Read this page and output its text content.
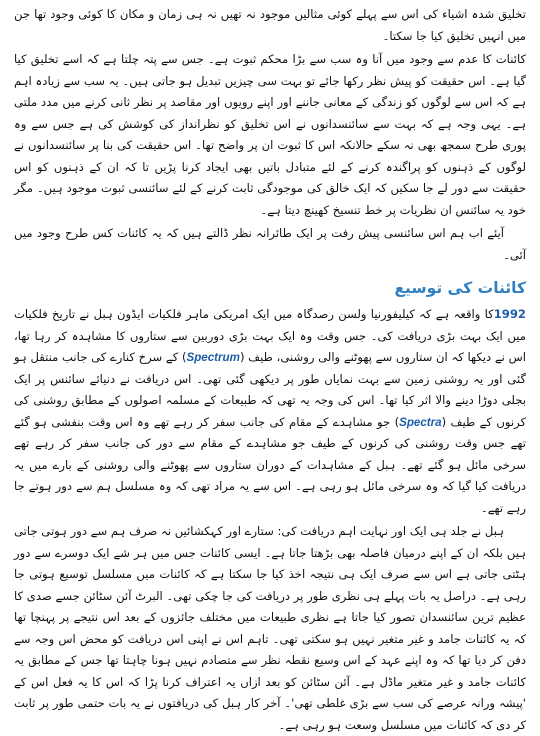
تخلیق شدہ اشیاء کی اس سے پہلے کوئی مثالیں موجود نہ تھیں نہ ہی زمان و مکان کا کوئی وجود تھا جن میں انہیں تخلیق کیا جا سکتا۔

کائنات کا عدم سے وجود میں آنا وہ سب سے بڑا محکم ثبوت ہے۔ جس سے پتہ چلتا ہے کہ اسے تخلیق کیا گیا ہے۔ اس حقیقت کو پیش نظر رکھا جائے تو بہت سی چیزیں تبدیل ہو جاتی ہیں۔ یہ سب سے زیادہ اہم ہے کہ اس سے لوگوں کو زندگی کے معانی جاننے اور اپنے رویوں اور مقاصد پر نظر ثانی کرنے میں مدد ملتی ہے۔ یہی وجہ ہے کہ بہت سے سائنسدانوں نے اس تخلیق کو نظرانداز کی کوشش کی ہے جس سے وہ پوری طرح سمجھ بھی نہ سکے حالانکہ اس کا ثبوت ان پر واضح تھا۔ اس حقیقت کی بنا پر سائنسدانوں نے لوگوں کے ذہنوں کو پراگندہ کرنے کے لئے متبادل باتیں بھی ایجاد کرنا پڑیں تا کہ ان کے ذہنوں کو اس حقیقت سے دور لے جا سکیں کہ ایک خالق کی موجودگی ثابت کرنے کے لئے سائنسی ثبوت موجود ہیں۔ مگر خود یہ سائنس ان نظریات پر خط تنسیخ کھینچ دیتا ہے۔

آیئے اب ہم اس سائنسی پیش رفت پر ایک طائرانہ نظر ڈالتے ہیں کہ یہ کائنات کس طرح وجود میں آئی۔

کائنات کی توسیع

1992کا واقعہ ہے کہ کیلیفورنیا ولسن رصدگاہ میں ایک امریکی ماہر فلکیات ایڈون ہبل نے تاریخ فلکیات میں ایک بہت بڑی دریافت کی۔ جس وقت وہ ایک بہت بڑی دوربین سے ستاروں کا مشاہدہ کر رہا تھا، اس نے دیکھا کہ ان ستاروں سے پھوٹنے والی روشنی، طیف (Spectrum) کے سرخ کنارے کی جانب منتقل ہو گئی اور یہ روشنی زمین سے بہت نمایاں طور پر دیکھی گئی تھی۔ اس دریافت نے دنیائے سائنس پر ایک بجلی دوڑا دینے والا اثر کیا تھا۔ اس کی وجہ یہ تھی کہ طبیعات کے مسلمہ اصولوں کے مطابق روشنی کی کرنوں کے طیف (Spectra) جو مشاہدے کے مقام کی جانب سفر کر رہے تھے وہ اس وقت بنفشی ہو گئے تھے جس وقت روشنی کی کرنوں کے طیف جو مشاہدے کے مقام سے دور کی جانب سفر کر رہے تھے سرخی مائل ہو گئے تھے۔ ہبل کے مشاہدات کے دوران ستاروں سے پھوٹنے والی روشنی کے بارے میں یہ دریافت کیا گیا کہ وہ سرخی مائل ہو رہی ہے۔ اس سے یہ مراد تھی کہ وہ مسلسل ہم سے دور ہوتے جا رہے تھے۔

ہبل نے جلد ہی ایک اور نہایت اہم دریافت کی: ستارے اور کہکشائیں نہ صرف ہم سے دور ہوتی جاتی ہیں بلکہ ان کے اپنے درمیان فاصلہ بھی بڑھتا جاتا ہے۔ ایسی کائنات جس میں ہر شے ایک دوسرے سے دور ہٹتی جاتی ہے اس سے صرف ایک ہی نتیجہ اخذ کیا جا سکتا ہے کہ کائنات میں مسلسل توسیع ہوتی جا رہی ہے۔ دراصل یہ بات پہلے ہی نظری طور پر دریافت کی جا چکی تھی۔ البرٹ آئن سٹائن جسے صدی کا عظیم ترین سائنسدان تصور کیا جاتا ہے نظری طبیعات میں مختلف جائزوں کے بعد اس نتیجے پر پہنچا تھا کہ یہ کائنات جامد و غیر متغیر نہیں ہو سکتی تھی۔ تاہم اس نے اپنی اس دریافت کو محض اس وجہ سے دفن کر دیا تھا کہ وہ اپنے عہد کے اس وسیع نقطہ نظر سے متصادم نہیں ہونا چاہتا تھا جس کے مطابق یہ کائنات جامد و غیر متغیر ماڈل ہے۔ آئن سٹائن کو بعد ازاں یہ اعتراف کرنا پڑا کہ اس کا یہ فعل اس کے 'پیشہ ورانہ عرصے کی سب سے بڑی غلطی تھی'۔ آخر کار ہبل کی دریافتوں نے یہ بات حتمی طور پر ثابت کر دی کہ کائنات میں مسلسل وسعت ہو رہی ہے۔
